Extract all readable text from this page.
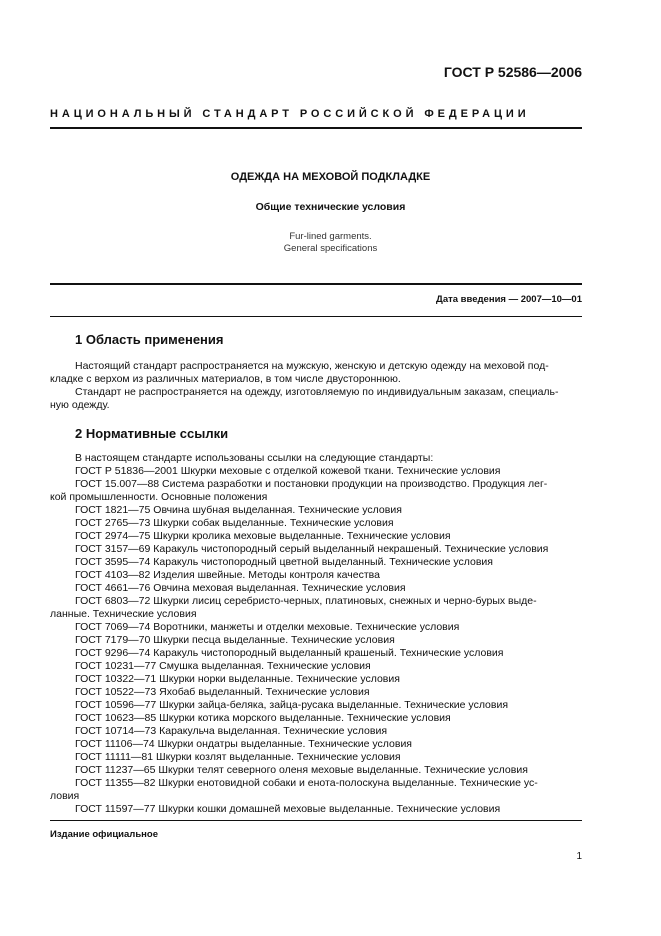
ГОСТ Р 52586—2006
НАЦИОНАЛЬНЫЙ СТАНДАРТ РОССИЙСКОЙ ФЕДЕРАЦИИ
ОДЕЖДА НА МЕХОВОЙ ПОДКЛАДКЕ
Общие технические условия
Fur-lined garments.
General specifications
Дата введения — 2007—10—01
1 Область применения
Настоящий стандарт распространяется на мужскую, женскую и детскую одежду на меховой под-
кладке с верхом из различных материалов, в том числе двустороннюю.
Стандарт не распространяется на одежду, изготовляемую по индивидуальным заказам, специаль-
ную одежду.
2 Нормативные ссылки
В настоящем стандарте использованы ссылки на следующие стандарты:
ГОСТ Р 51836—2001 Шкурки меховые с отделкой кожевой ткани. Технические условия
ГОСТ 15.007—88 Система разработки и постановки продукции на производство. Продукция лег-
кой промышленности. Основные положения
ГОСТ 1821—75 Овчина шубная выделанная. Технические условия
ГОСТ 2765—73 Шкурки собак выделанные. Технические условия
ГОСТ 2974—75 Шкурки кролика меховые выделанные. Технические условия
ГОСТ 3157—69 Каракуль чистопородный серый выделанный некрашеный. Технические условия
ГОСТ 3595—74 Каракуль чистопородный цветной выделанный. Технические условия
ГОСТ 4103—82 Изделия швейные. Методы контроля качества
ГОСТ 4661—76 Овчина меховая выделанная. Технические условия
ГОСТ 6803—72 Шкурки лисиц серебристо-черных, платиновых, снежных и черно-бурых выде-
ланные. Технические условия
ГОСТ 7069—74 Воротники, манжеты и отделки меховые. Технические условия
ГОСТ 7179—70 Шкурки песца выделанные. Технические условия
ГОСТ 9296—74 Каракуль чистопородный выделанный крашеный. Технические условия
ГОСТ 10231—77 Смушка выделанная. Технические условия
ГОСТ 10322—71 Шкурки норки выделанные. Технические условия
ГОСТ 10522—73 Яхобаб выделанный. Технические условия
ГОСТ 10596—77 Шкурки зайца-беляка, зайца-русака выделанные. Технические условия
ГОСТ 10623—85 Шкурки котика морского выделанные. Технические условия
ГОСТ 10714—73 Каракульча выделанная. Технические условия
ГОСТ 11106—74 Шкурки ондатры выделанные. Технические условия
ГОСТ 11111—81 Шкурки козлят выделанные. Технические условия
ГОСТ 11237—65 Шкурки телят северного оленя меховые выделанные. Технические условия
ГОСТ 11355—82 Шкурки енотовидной собаки и енота-полоскуна выделанные. Технические ус-
ловия
ГОСТ 11597—77 Шкурки кошки домашней меховые выделанные. Технические условия
Издание официальное
1
